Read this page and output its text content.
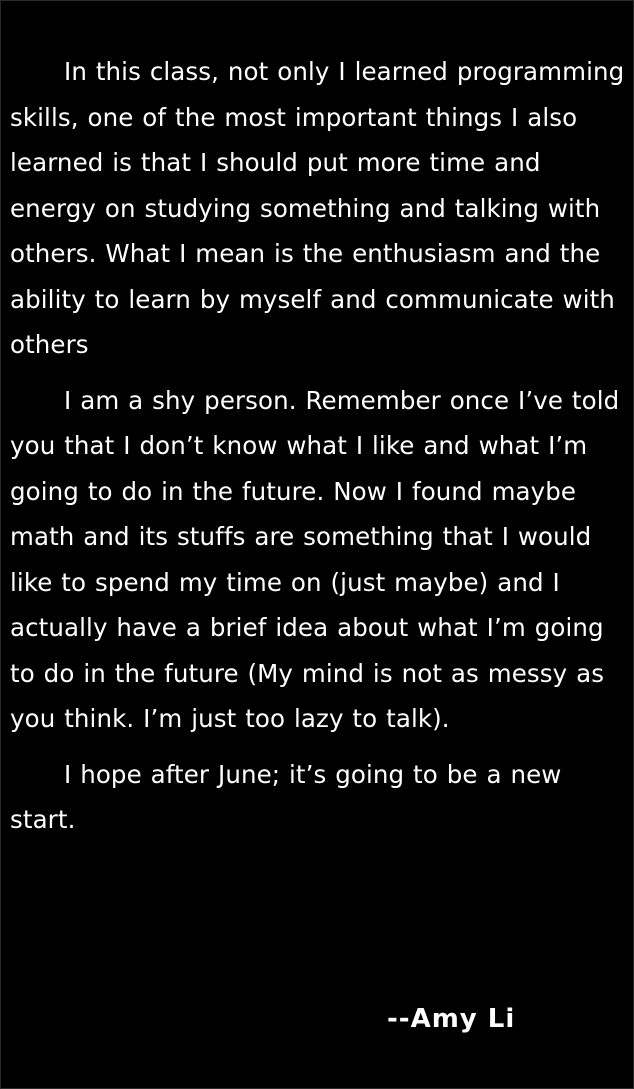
In this class, not only I learned programming skills, one of the most important things I also learned is that I should put more time and energy on studying something and talking with others. What I mean is the enthusiasm and the ability to learn by myself and communicate with others

I am a shy person. Remember once I’ve told you that I don’t know what I like and what I’m going to do in the future. Now I found maybe math and its stuffs are something that I would like to spend my time on (just maybe) and I actually have a brief idea about what I’m going to do in the future (My mind is not as messy as you think. I’m just too lazy to talk).

I hope after June; it’s going to be a new start.

--Amy Li
